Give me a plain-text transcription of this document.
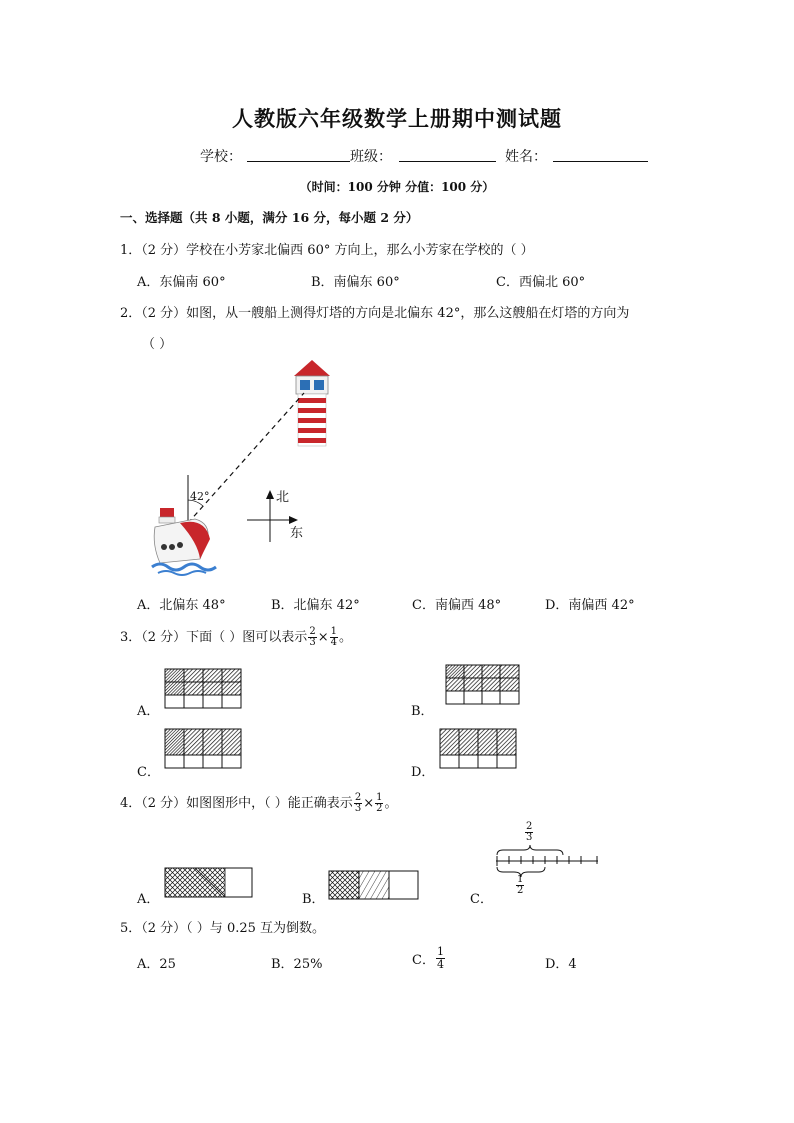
人教版六年级数学上册期中测试题
学校：	班级：	姓名：
（时间：100 分钟 分值：100 分）
一、选择题（共 8 小题，满分 16 分，每小题 2 分）
1．（2 分）学校在小芳家北偏西 60° 方向上，那么小芳家在学校的（ ）
A．东偏南 60°	B．南偏东 60°	C．西偏北 60°
2．（2 分）如图，从一艘船上测得灯塔的方向是北偏东 42°，那么这艘船在灯塔的方向为
（ ）
42°	北
东
A．北偏东 48°	B．北偏东 42°	C．南偏西 48°	D．南偏西 42°
3．（2 分）下面（ ）图可以表示 $\frac{2}{3} \times \frac{1}{4}$ 。
A．	B．
C．	D．
4．（2 分）如图图形中，（ ）能正确表示 $\frac{2}{3} \times \frac{1}{2}$ 。
$\frac{2}{3}$
$\frac{1}{2}$
A．	B．	C．
5．（2 分）（ ）与 0.25 互为倒数。
A．25	B．25%	C． $\frac{1}{4}$	D．4
